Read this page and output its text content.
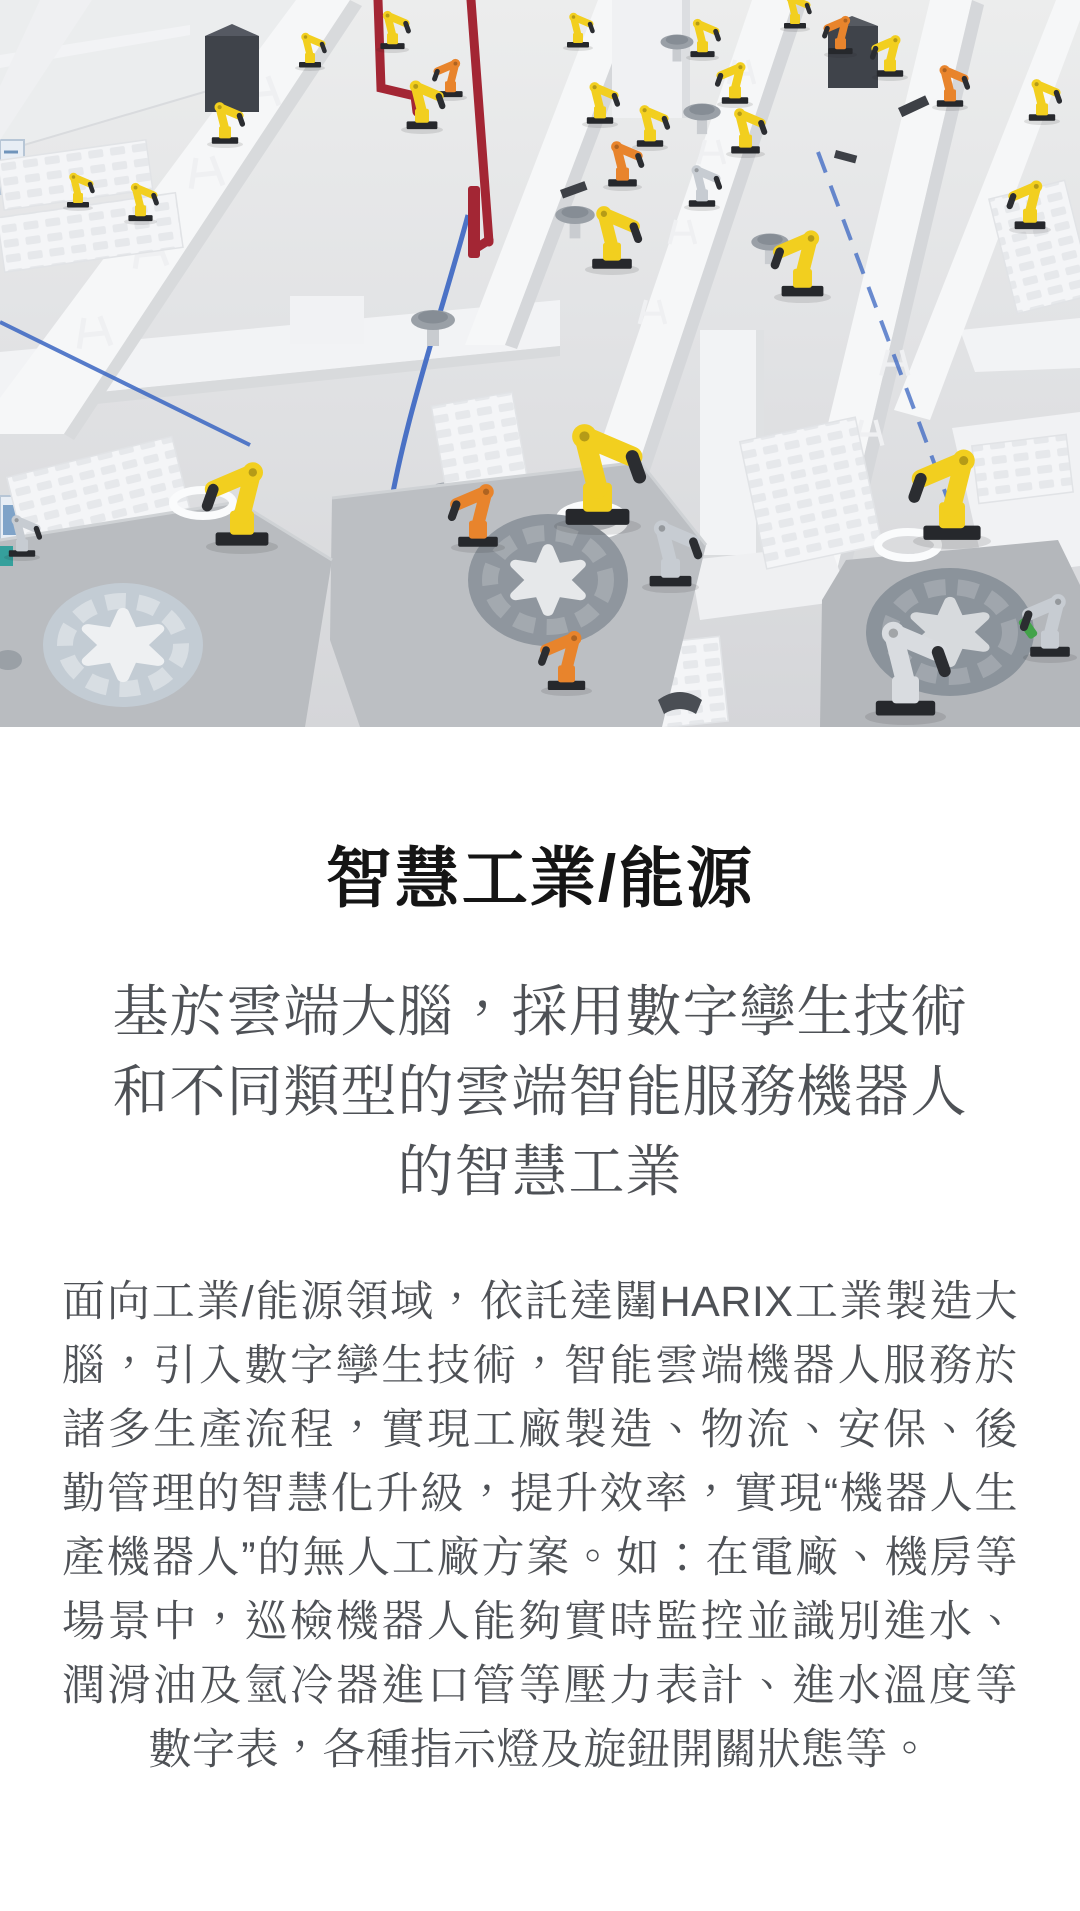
智慧工業/能源
基於雲端大腦，採用數字孿生技術和不同類型的雲端智能服務機器人的智慧工業

面向工業/能源領域，依託達闥HARIX工業製造大腦，引入數字孿生技術，智能雲端機器人服務於諸多生產流程，實現工廠製造、物流、安保、後勤管理的智慧化升級，提升效率，實現“機器人生產機器人”的無人工廠方案。如：在電廠、機房等場景中，巡檢機器人能夠實時監控並識別進水、潤滑油及氫冷器進口管等壓力表計、進水溫度等數字表，各種指示燈及旋鈕開關狀態等。
